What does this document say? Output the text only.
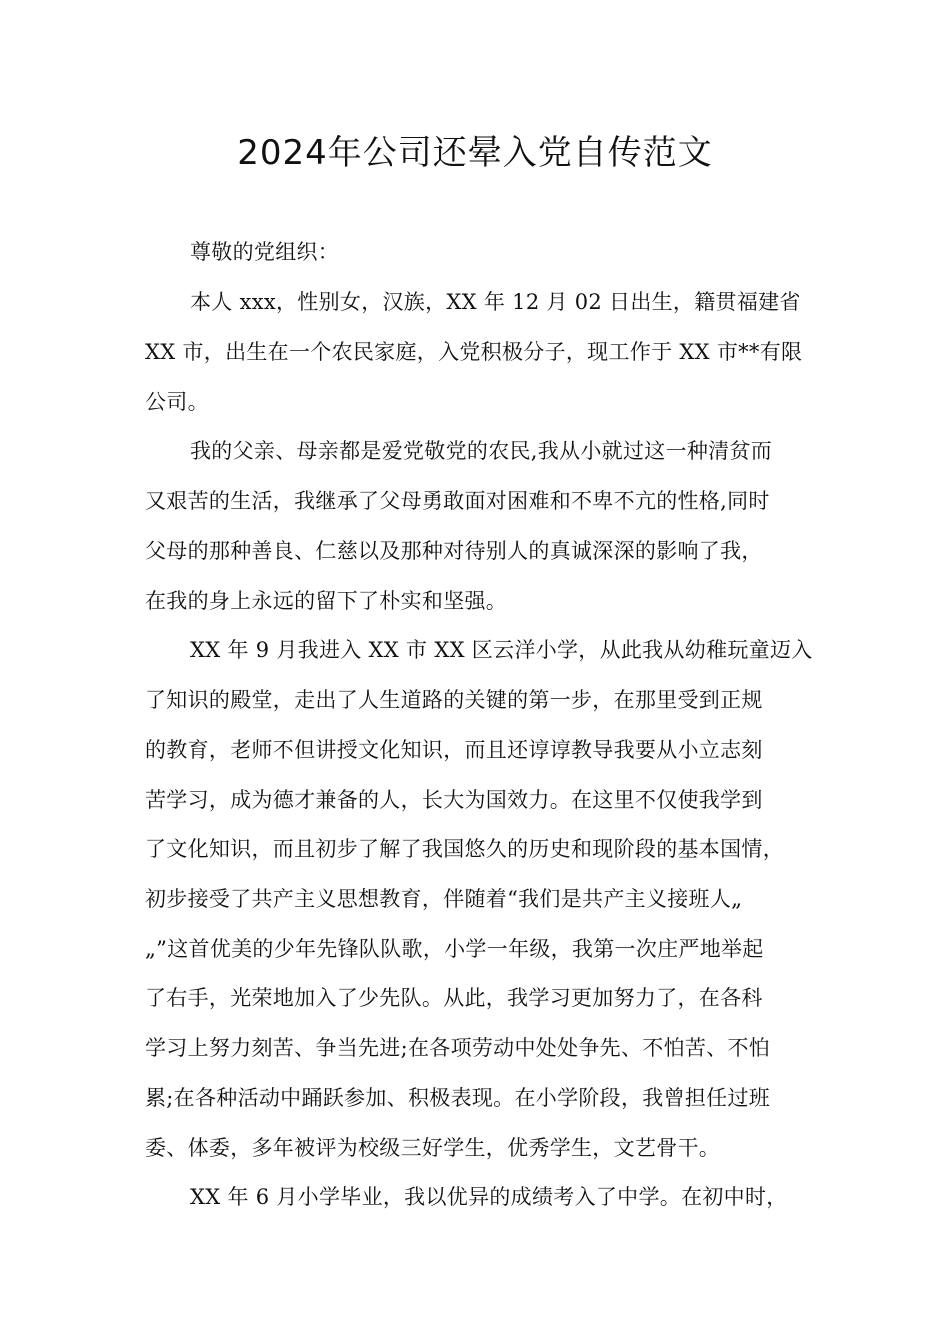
2024年公司还晕入党自传范文
尊敬的党组织：
本人 xxx，性别女，汉族，XX 年 12 月 02 日出生，籍贯福建省
XX 市，出生在一个农民家庭，入党积极分子，现工作于 XX 市**有限
公司。
我的父亲、母亲都是爱党敬党的农民,我从小就过这一种清贫而
又艰苦的生活，我继承了父母勇敢面对困难和不卑不亢的性格,同时
父母的那种善良、仁慈以及那种对待别人的真诚深深的影响了我，
在我的身上永远的留下了朴实和坚强。
XX 年 9 月我进入 XX 市 XX 区云洋小学，从此我从幼稚玩童迈入
了知识的殿堂，走出了人生道路的关键的第一步，在那里受到正规
的教育，老师不但讲授文化知识，而且还谆谆教导我要从小立志刻
苦学习，成为德才兼备的人，长大为国效力。在这里不仅使我学到
了文化知识，而且初步了解了我国悠久的历史和现阶段的基本国情，
初步接受了共产主义思想教育，伴随着“我们是共产主义接班人„
„”这首优美的少年先锋队队歌，小学一年级，我第一次庄严地举起
了右手，光荣地加入了少先队。从此，我学习更加努力了，在各科
学习上努力刻苦、争当先进;在各项劳动中处处争先、不怕苦、不怕
累;在各种活动中踊跃参加、积极表现。在小学阶段，我曾担任过班
委、体委，多年被评为校级三好学生，优秀学生，文艺骨干。
XX 年 6 月小学毕业，我以优异的成绩考入了中学。在初中时，
